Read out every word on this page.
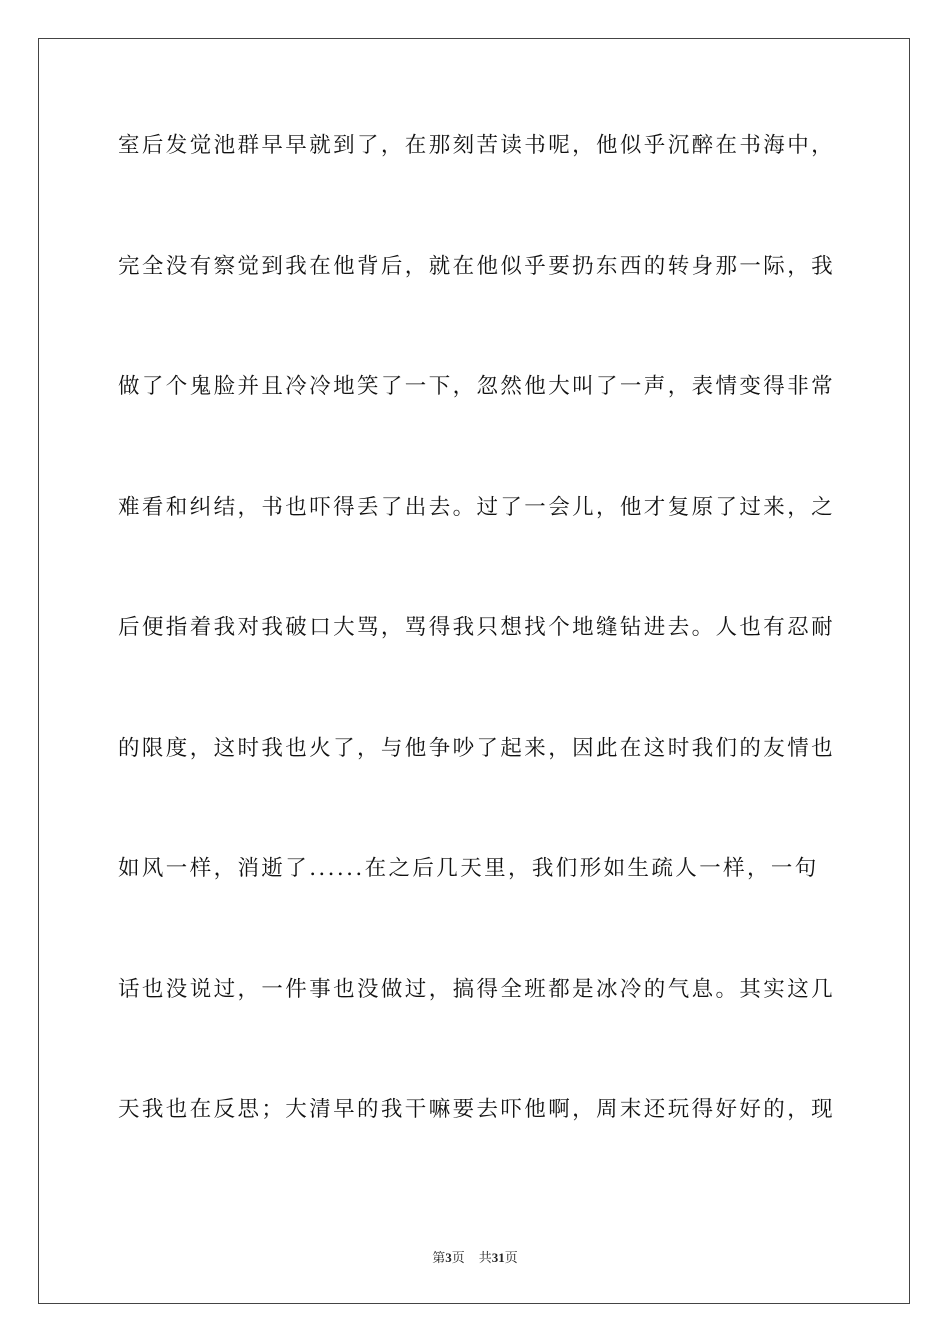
室后发觉池群早早就到了，在那刻苦读书呢，他似乎沉醉在书海中，
完全没有察觉到我在他背后，就在他似乎要扔东西的转身那一际，我
做了个鬼脸并且冷冷地笑了一下，忽然他大叫了一声，表情变得非常
难看和纠结，书也吓得丢了出去。过了一会儿，他才复原了过来，之
后便指着我对我破口大骂，骂得我只想找个地缝钻进去。人也有忍耐
的限度，这时我也火了，与他争吵了起来，因此在这时我们的友情也
如风一样，消逝了......在之后几天里，我们形如生疏人一样，一句
话也没说过，一件事也没做过，搞得全班都是冰冷的气息。其实这几
天我也在反思；大清早的我干嘛要去吓他啊，周末还玩得好好的，现
第3页 共31页
